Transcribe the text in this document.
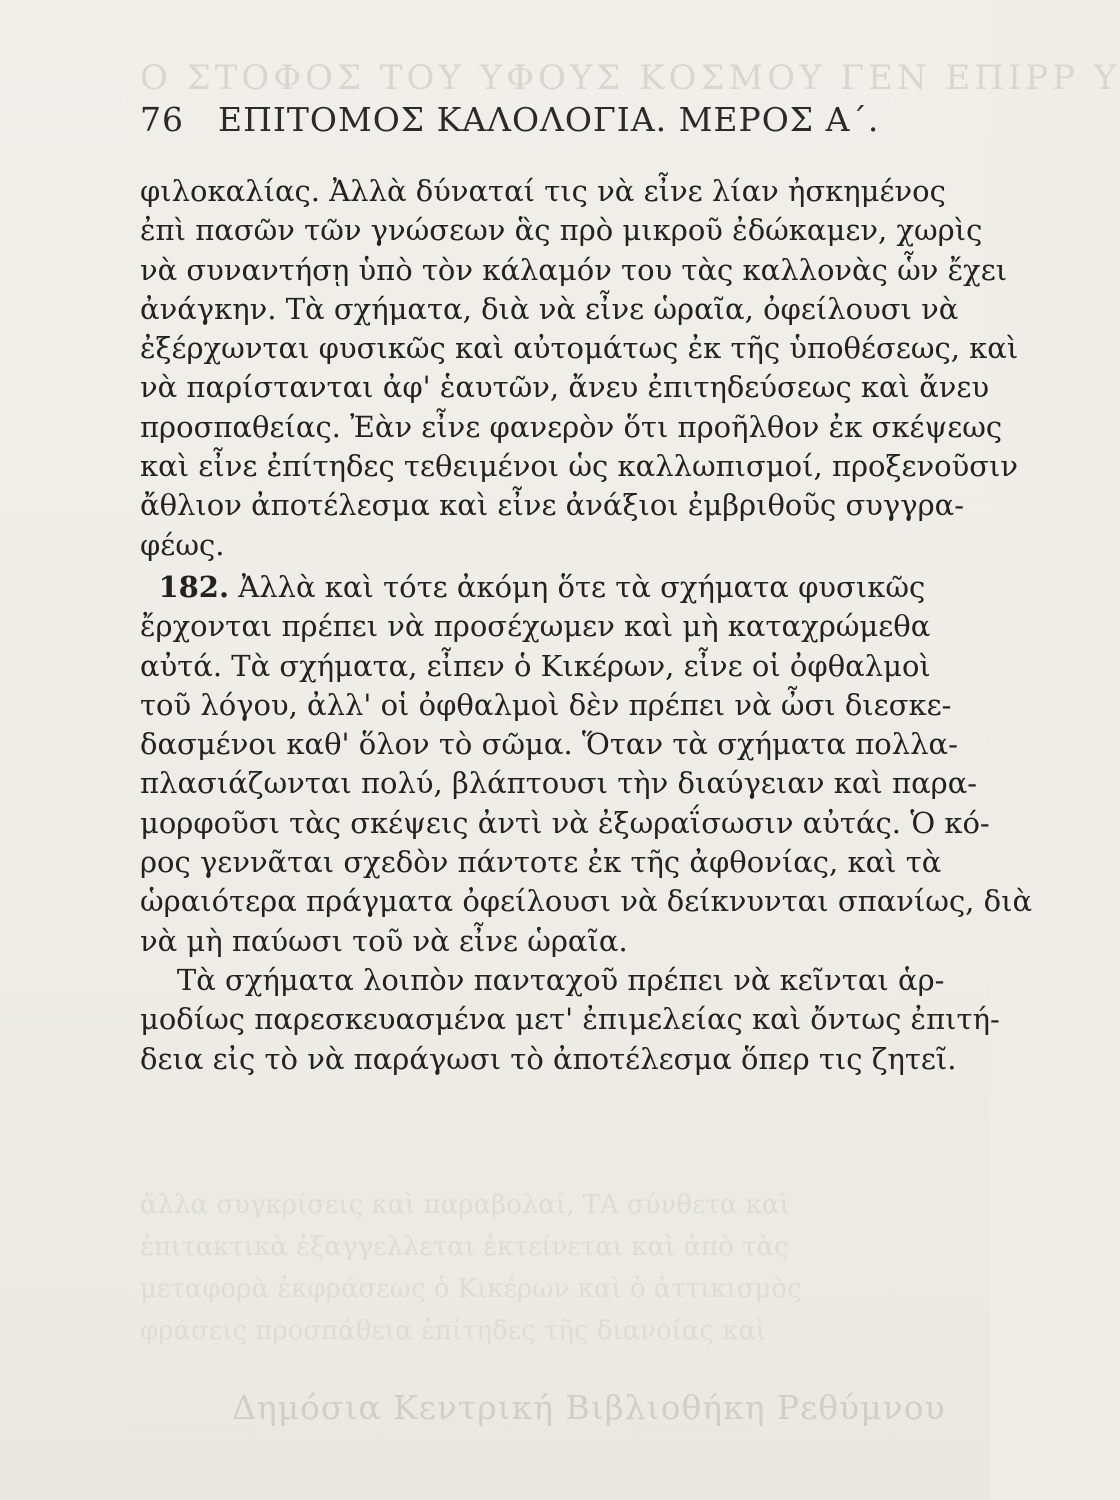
Ο ΣΤΟΦΟΣ ΤΟΥ ΥΦΟΥΣ ΚΟΣΜΟΥ ΓΕΝ ΕΠΙΡΡ Υ
76 ΕΠΙΤΟΜΟΣ ΚΑΛΟΛΟΓΙΑ. ΜΕΡΟΣ Α΄.
φιλοκαλίας. Ἀλλὰ δύναταί τις νὰ εἶνε λίαν ἠσκημένος
ἐπὶ πασῶν τῶν γνώσεων ἃς πρὸ μικροῦ ἐδώκαμεν, χωρὶς
νὰ συναντήσῃ ὑπὸ τὸν κάλαμόν του τὰς καλλονὰς ὧν ἔχει
ἀνάγκην. Τὰ σχήματα, διὰ νὰ εἶνε ὡραῖα, ὀφείλουσι νὰ
ἐξέρχωνται φυσικῶς καὶ αὐτομάτως ἐκ τῆς ὑποθέσεως, καὶ
νὰ παρίστανται ἀφ' ἑαυτῶν, ἄνευ ἐπιτηδεύσεως καὶ ἄνευ
προσπαθείας. Ἐὰν εἶνε φανερὸν ὅτι προῆλθον ἐκ σκέψεως
καὶ εἶνε ἐπίτηδες τεθειμένοι ὡς καλλωπισμοί, προξενοῦσιν
ἄθλιον ἀποτέλεσμα καὶ εἶνε ἀνάξιοι ἐμβριθοῦς συγγρα-
φέως.
182. Ἀλλὰ καὶ τότε ἀκόμη ὅτε τὰ σχήματα φυσικῶς
ἔρχονται πρέπει νὰ προσέχωμεν καὶ μὴ καταχρώμεθα
αὐτά. Τὰ σχήματα, εἶπεν ὁ Κικέρων, εἶνε οἱ ὀφθαλμοὶ
τοῦ λόγου, ἀλλ' οἱ ὀφθαλμοὶ δὲν πρέπει νὰ ὦσι διεσκε-
δασμένοι καθ' ὅλον τὸ σῶμα. Ὅταν τὰ σχήματα πολλα-
πλασιάζωνται πολύ, βλάπτουσι τὴν διαύγειαν καὶ παρα-
μορφοῦσι τὰς σκέψεις ἀντὶ νὰ ἐξωραΐσωσιν αὐτάς. Ὁ κό-
ρος γεννᾶται σχεδὸν πάντοτε ἐκ τῆς ἀφθονίας, καὶ τὰ
ὡραιότερα πράγματα ὀφείλουσι νὰ δείκνυνται σπανίως, διὰ
νὰ μὴ παύωσι τοῦ νὰ εἶνε ὡραῖα.
Τὰ σχήματα λοιπὸν πανταχοῦ πρέπει νὰ κεῖνται ἁρ-
μοδίως παρεσκευασμένα μετ' ἐπιμελείας καὶ ὄντως ἐπιτή-
δεια εἰς τὸ νὰ παράγωσι τὸ ἀποτέλεσμα ὅπερ τις ζητεῖ.
ἄλλα συγκρίσεις καὶ παραβολαί, ΤΑ σύνθετα καὶ
ἐπιτακτικὰ ἐξαγγελλεται ἐκτείνεται καὶ ἀπὸ τὰς
μεταφορὰ ἐκφράσεως ὁ Κικέρων καὶ ὁ ἀττικισμὸς
φράσεις προσπάθεια ἐπίτηδες τῆς διανοίας καὶ
Δημόσια Κεντρική Βιβλιοθήκη Ρεθύμνου
